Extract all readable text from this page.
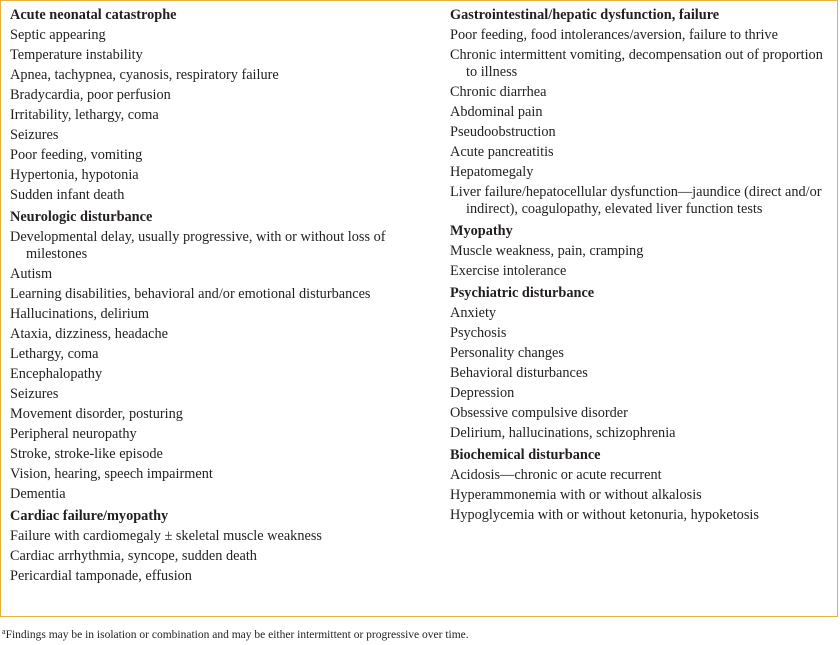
Acute neonatal catastrophe
Septic appearing
Temperature instability
Apnea, tachypnea, cyanosis, respiratory failure
Bradycardia, poor perfusion
Irritability, lethargy, coma
Seizures
Poor feeding, vomiting
Hypertonia, hypotonia
Sudden infant death
Neurologic disturbance
Developmental delay, usually progressive, with or without loss of milestones
Autism
Learning disabilities, behavioral and/or emotional disturbances
Hallucinations, delirium
Ataxia, dizziness, headache
Lethargy, coma
Encephalopathy
Seizures
Movement disorder, posturing
Peripheral neuropathy
Stroke, stroke-like episode
Vision, hearing, speech impairment
Dementia
Cardiac failure/myopathy
Failure with cardiomegaly ± skeletal muscle weakness
Cardiac arrhythmia, syncope, sudden death
Pericardial tamponade, effusion
Gastrointestinal/hepatic dysfunction, failure
Poor feeding, food intolerances/aversion, failure to thrive
Chronic intermittent vomiting, decompensation out of proportion to illness
Chronic diarrhea
Abdominal pain
Pseudoobstruction
Acute pancreatitis
Hepatomegaly
Liver failure/hepatocellular dysfunction—jaundice (direct and/or indirect), coagulopathy, elevated liver function tests
Myopathy
Muscle weakness, pain, cramping
Exercise intolerance
Psychiatric disturbance
Anxiety
Psychosis
Personality changes
Behavioral disturbances
Depression
Obsessive compulsive disorder
Delirium, hallucinations, schizophrenia
Biochemical disturbance
Acidosis—chronic or acute recurrent
Hyperammonemia with or without alkalosis
Hypoglycemia with or without ketonuria, hypoketosis
$^a$Findings may be in isolation or combination and may be either intermittent or progressive over time.
